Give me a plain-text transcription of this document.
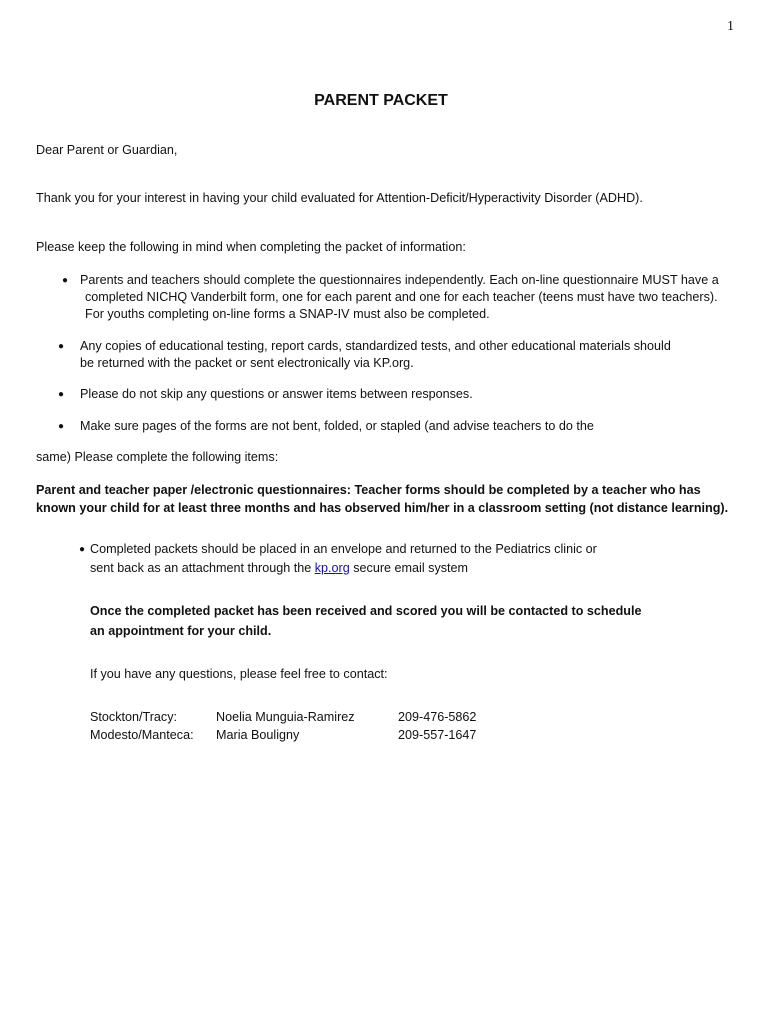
1
PARENT PACKET
Dear Parent or Guardian,
Thank you for your interest in having your child evaluated for Attention-Deficit/Hyperactivity Disorder (ADHD).
Please keep the following in mind when completing the packet of information:
● Parents and teachers should complete the questionnaires independently. Each on-line questionnaire MUST have a
completed NICHQ Vanderbilt form, one for each parent and one for each teacher (teens must have two teachers).
For youths completing on-line forms a SNAP-IV must also be completed.
● Any copies of educational testing, report cards, standardized tests, and other educational materials should
be returned with the packet or sent electronically via KP.org.
● Please do not skip any questions or answer items between responses.
● Make sure pages of the forms are not bent, folded, or stapled (and advise teachers to do the
same) Please complete the following items:
Parent and teacher paper /electronic questionnaires: Teacher forms should be completed by a teacher who has
known your child for at least three months and has observed him/her in a classroom setting (not distance learning).
● Completed packets should be placed in an envelope and returned to the Pediatrics clinic or
sent back as an attachment through the kp.org secure email system
Once the completed packet has been received and scored you will be contacted to schedule
an appointment for your child.
If you have any questions, please feel free to contact:
Stockton/Tracy:	Noelia Munguia-Ramirez	209-476-5862
Modesto/Manteca: Maria Bouligny	209-557-1647
